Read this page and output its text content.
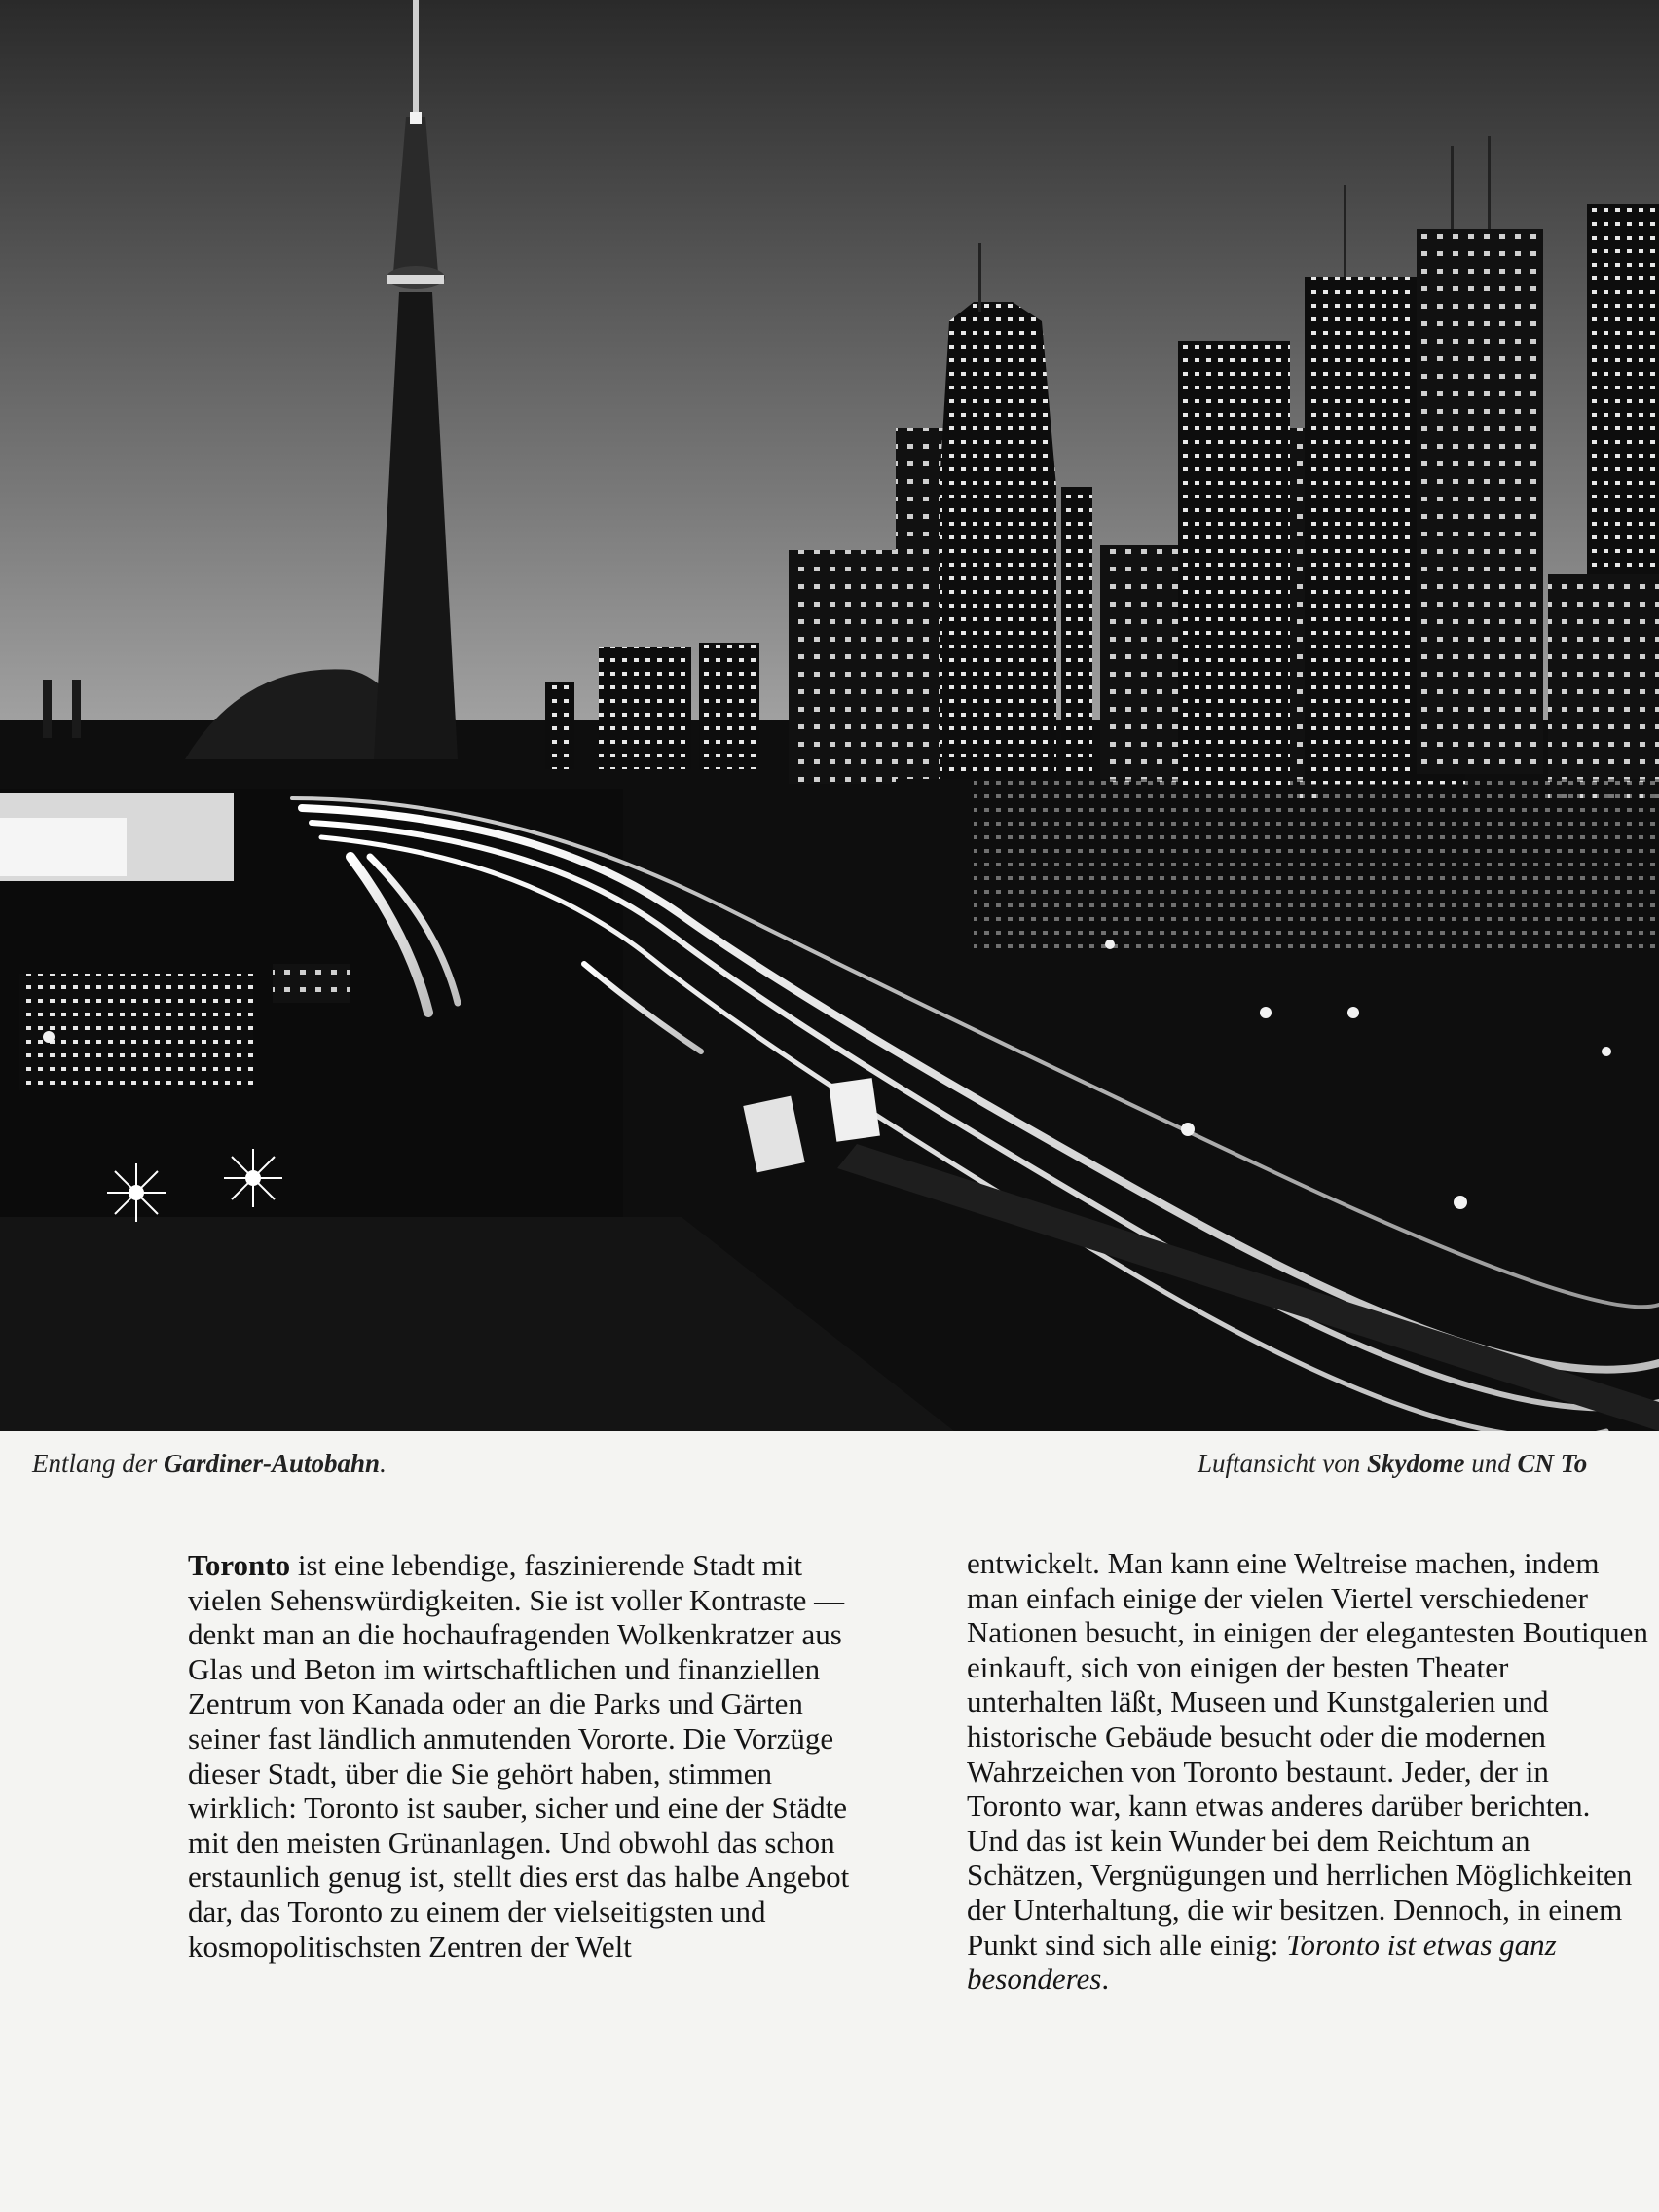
Entlang der Gardiner-Autobahn.	Luftansicht von Skydome und CN To

Toronto ist eine lebendige, faszinierende Stadt mit vielen Sehenswürdigkeiten. Sie ist voller Kontraste — denkt man an die hochaufragenden Wolkenkratzer aus Glas und Beton im wirtschaftlichen und finanziellen Zentrum von Kanada oder an die Parks und Gärten seiner fast ländlich anmutenden Vororte. Die Vorzüge dieser Stadt, über die Sie gehört haben, stimmen wirklich: Toronto ist sauber, sicher und eine der Städte mit den meisten Grünanlagen. Und obwohl das schon erstaunlich genug ist, stellt dies erst das halbe Angebot dar, das Toronto zu einem der vielseitigsten und kosmopolitischsten Zentren der Welt

entwickelt. Man kann eine Weltreise machen, indem man einfach einige der vielen Viertel verschiedener Nationen besucht, in einigen der elegantesten Boutiquen einkauft, sich von einigen der besten Theater unterhalten läßt, Museen und Kunstgalerien und historische Gebäude besucht oder die modernen Wahrzeichen von Toronto bestaunt. Jeder, der in Toronto war, kann etwas anderes darüber berichten. Und das ist kein Wunder bei dem Reichtum an Schätzen, Vergnügungen und herrlichen Möglichkeiten der Unterhaltung, die wir besitzen. Dennoch, in einem Punkt sind sich alle einig: Toronto ist etwas ganz besonderes.
